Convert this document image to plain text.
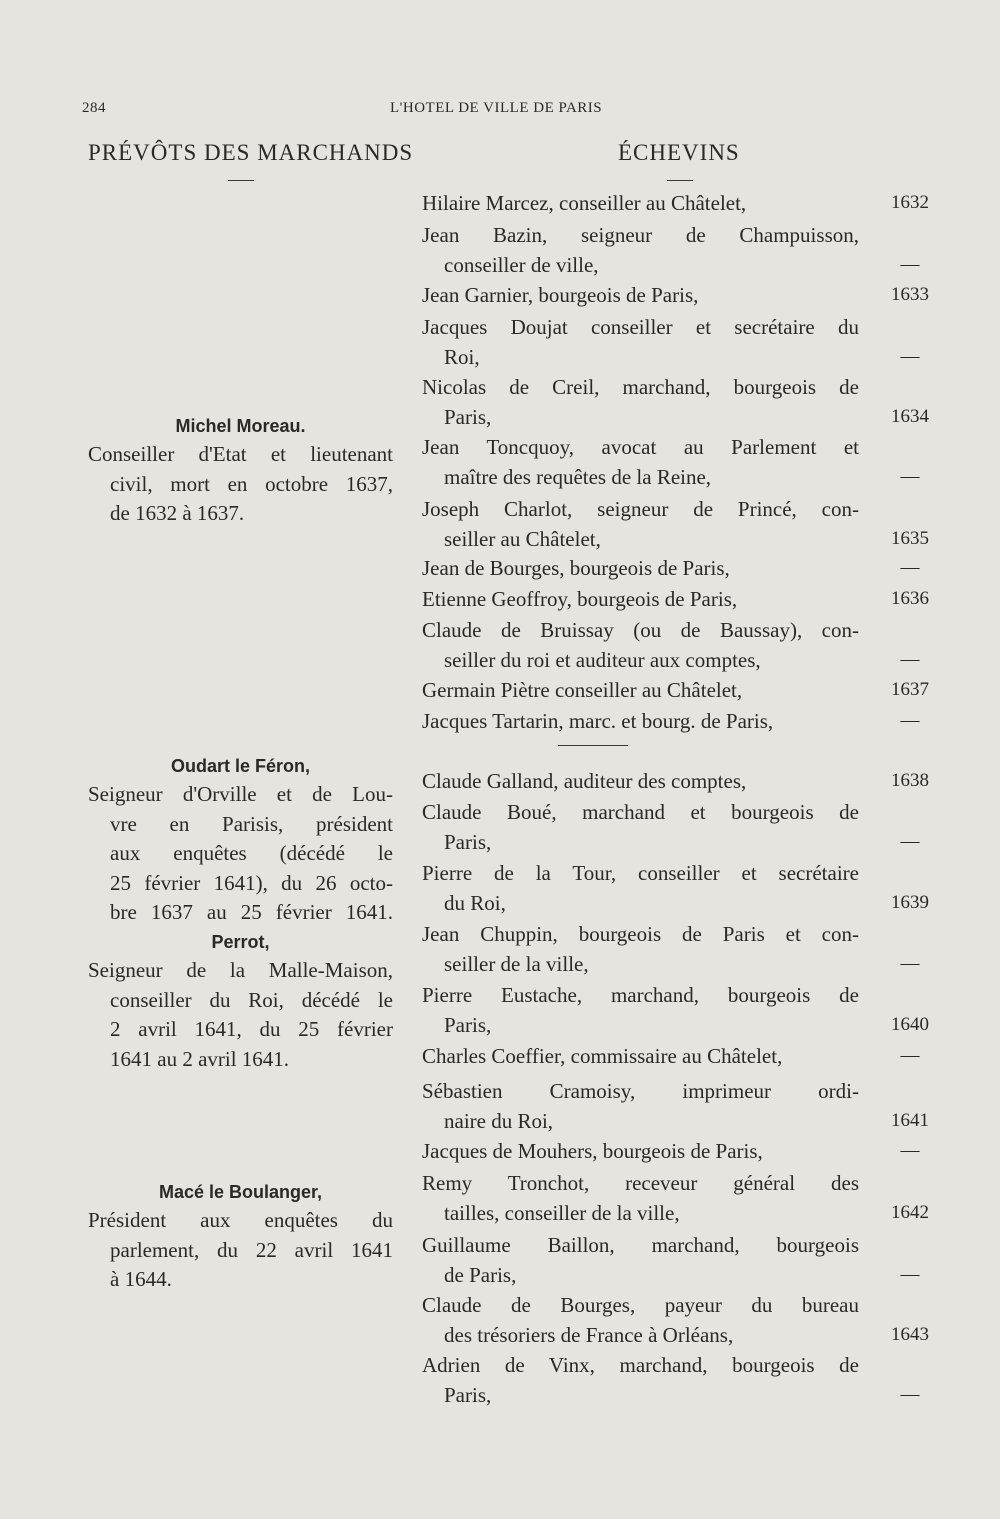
284	L'HOTEL DE VILLE DE PARIS
PRÉVÔTS DES MARCHANDS	ÉCHEVINS
Michel Moreau.
Conseiller d'Etat et lieutenant
civil, mort en octobre 1637,
de 1632 à 1637.
Oudart le Féron,
Seigneur d'Orville et de Lou-
vre en Parisis, président
aux enquêtes (décédé le
25 février 1641), du 26 octo-
bre 1637 au 25 février 1641.
Perrot,
Seigneur de la Malle-Maison,
conseiller du Roi, décédé le
2 avril 1641, du 25 février
1641 au 2 avril 1641.
Macé le Boulanger,
Président aux enquêtes du
parlement, du 22 avril 1641
à 1644.
Hilaire Marcez, conseiller au Châtelet,	1632
Jean Bazin, seigneur de Champuisson,
conseiller de ville,	—
Jean Garnier, bourgeois de Paris,	1633
Jacques Doujat conseiller et secrétaire du
Roi,	—
Nicolas de Creil, marchand, bourgeois de
Paris,	1634
Jean Toncquoy, avocat au Parlement et
maître des requêtes de la Reine,	—
Joseph Charlot, seigneur de Princé, con-
seiller au Châtelet,	1635
Jean de Bourges, bourgeois de Paris,	—
Etienne Geoffroy, bourgeois de Paris,	1636
Claude de Bruissay (ou de Baussay), con-
seiller du roi et auditeur aux comptes,	—
Germain Piètre conseiller au Châtelet,	1637
Jacques Tartarin, marc. et bourg. de Paris,	—
Claude Galland, auditeur des comptes,	1638
Claude Boué, marchand et bourgeois de
Paris,	—
Pierre de la Tour, conseiller et secrétaire
du Roi,	1639
Jean Chuppin, bourgeois de Paris et con-
seiller de la ville,	—
Pierre Eustache, marchand, bourgeois de
Paris,	1640
Charles Coeffier, commissaire au Châtelet,	—
Sébastien Cramoisy, imprimeur ordi-
naire du Roi,	1641
Jacques de Mouhers, bourgeois de Paris,	—
Remy Tronchot, receveur général des
tailles, conseiller de la ville,	1642
Guillaume Baillon, marchand, bourgeois
de Paris,	—
Claude de Bourges, payeur du bureau
des trésoriers de France à Orléans,	1643
Adrien de Vinx, marchand, bourgeois de
Paris,	—
